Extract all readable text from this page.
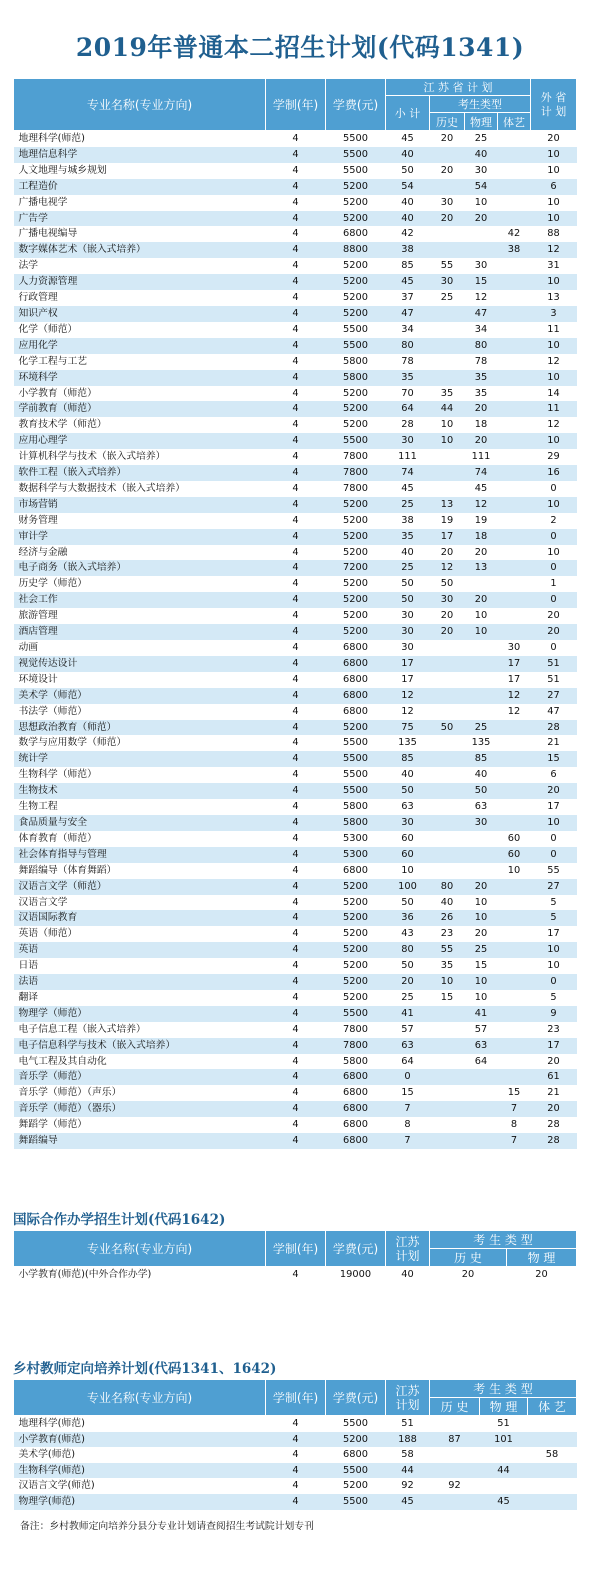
2019年普通本二招生计划(代码1341)
专业名称(专业方向)	学制(年)	学费(元)	江 苏 省 计 划				外 省 计 划
			小 计	考生类型			
				历史	物理	体艺	
地理科学(师范)	4	5500	45	20	25		20
地理信息科学	4	5500	40		40		10
人文地理与城乡规划	4	5500	50	20	30		10
工程造价	4	5200	54		54		6
广播电视学	4	5200	40	30	10		10
广告学	4	5200	40	20	20		10
广播电视编导	4	6800	42			42	88
数字媒体艺术（嵌入式培养）	4	8800	38			38	12
法学	4	5200	85	55	30		31
人力资源管理	4	5200	45	30	15		10
行政管理	4	5200	37	25	12		13
知识产权	4	5200	47		47		3
化学（师范）	4	5500	34		34		11
应用化学	4	5500	80		80		10
化学工程与工艺	4	5800	78		78		12
环境科学	4	5800	35		35		10
小学教育（师范）	4	5200	70	35	35		14
学前教育（师范）	4	5200	64	44	20		11
教育技术学（师范）	4	5200	28	10	18		12
应用心理学	4	5500	30	10	20		10
计算机科学与技术（嵌入式培养）	4	7800	111		111		29
软件工程（嵌入式培养）	4	7800	74		74		16
数据科学与大数据技术（嵌入式培养）	4	7800	45		45		0
市场营销	4	5200	25	13	12		10
财务管理	4	5200	38	19	19		2
审计学	4	5200	35	17	18		0
经济与金融	4	5200	40	20	20		10
电子商务（嵌入式培养）	4	7200	25	12	13		0
历史学（师范）	4	5200	50	50			1
社会工作	4	5200	50	30	20		0
旅游管理	4	5200	30	20	10		20
酒店管理	4	5200	30	20	10		20
动画	4	6800	30			30	0
视觉传达设计	4	6800	17			17	51
环境设计	4	6800	17			17	51
美术学（师范）	4	6800	12			12	27
书法学（师范）	4	6800	12			12	47
思想政治教育（师范）	4	5200	75	50	25		28
数学与应用数学（师范）	4	5500	135		135		21
统计学	4	5500	85		85		15
生物科学（师范）	4	5500	40		40		6
生物技术	4	5500	50		50		20
生物工程	4	5800	63		63		17
食品质量与安全	4	5800	30		30		10
体育教育（师范）	4	5300	60			60	0
社会体育指导与管理	4	5300	60			60	0
舞蹈编导（体育舞蹈）	4	6800	10			10	55
汉语言文学（师范）	4	5200	100	80	20		27
汉语言文学	4	5200	50	40	10		5
汉语国际教育	4	5200	36	26	10		5
英语（师范）	4	5200	43	23	20		17
英语	4	5200	80	55	25		10
日语	4	5200	50	35	15		10
法语	4	5200	20	10	10		0
翻译	4	5200	25	15	10		5
物理学（师范）	4	5500	41		41		9
电子信息工程（嵌入式培养）	4	7800	57		57		23
电子信息科学与技术（嵌入式培养）	4	7800	63		63		17
电气工程及其自动化	4	5800	64		64		20
音乐学（师范）	4	6800	0				61
音乐学（师范）（声乐）	4	6800	15			15	21
音乐学（师范）（器乐）	4	6800	7			7	20
舞蹈学（师范）	4	6800	8			8	28
舞蹈编导	4	6800	7			7	28
国际合作办学招生计划(代码1642)
专业名称(专业方向)	学制(年)	学费(元)	江苏计划	考 生 类 型	
				历 史	物 理
小学教育(师范)(中外合作办学)	4	19000	40	20	20
乡村教师定向培养计划(代码1341、1642)
专业名称(专业方向)	学制(年)	学费(元)	江苏计划	考 生 类 型		
				历 史	物 理	体 艺
地理科学(师范)	4	5500	51		51	
小学教育(师范)	4	5200	188	87	101	
美术学(师范)	4	6800	58			58
生物科学(师范)	4	5500	44		44	
汉语言文学(师范)	4	5200	92	92		
物理学(师范)	4	5500	45		45	
备注：乡村教师定向培养分县分专业计划请查阅招生考试院计划专刊
